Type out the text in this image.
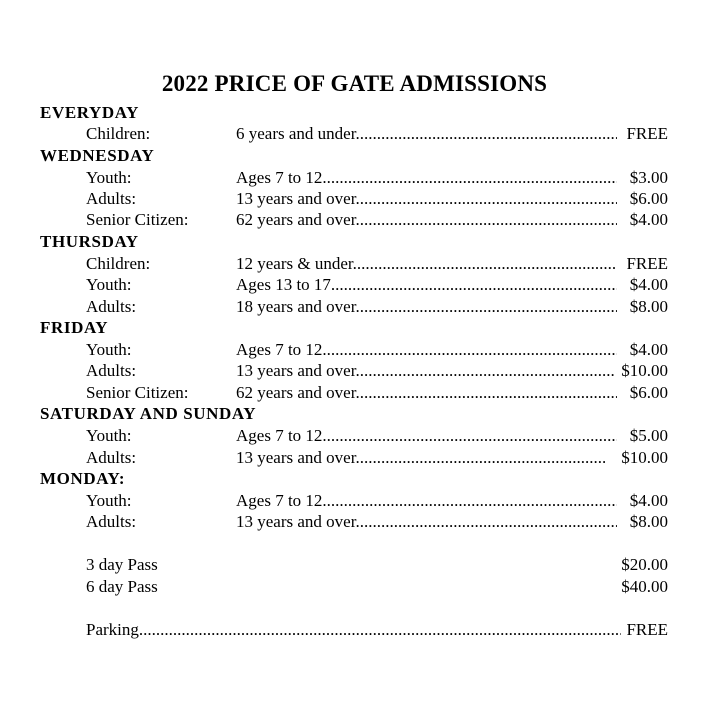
2022 PRICE OF GATE ADMISSIONS
EVERYDAY
Children:	6 years and under .....	FREE
WEDNESDAY
Youth:	Ages 7 to 12 .....	$3.00
Adults:	13 years and over .....	$6.00
Senior Citizen:	62 years and over .....	$4.00
THURSDAY
Children:	12 years & under .....	FREE
Youth:	Ages 13 to 17 .....	$4.00
Adults:	18 years and over .....	$8.00
FRIDAY
Youth:	Ages 7 to 12 .....	$4.00
Adults:	13 years and over .....	$10.00
Senior Citizen:	62 years and over .....	$6.00
SATURDAY AND SUNDAY
Youth:	Ages 7 to 12 .....	$5.00
Adults:	13 years and over .....	$10.00
MONDAY:
Youth:	Ages 7 to 12 .....	$4.00
Adults:	13 years and over .....	$8.00
3 day Pass	$20.00
6 day Pass	$40.00
Parking .....	FREE
